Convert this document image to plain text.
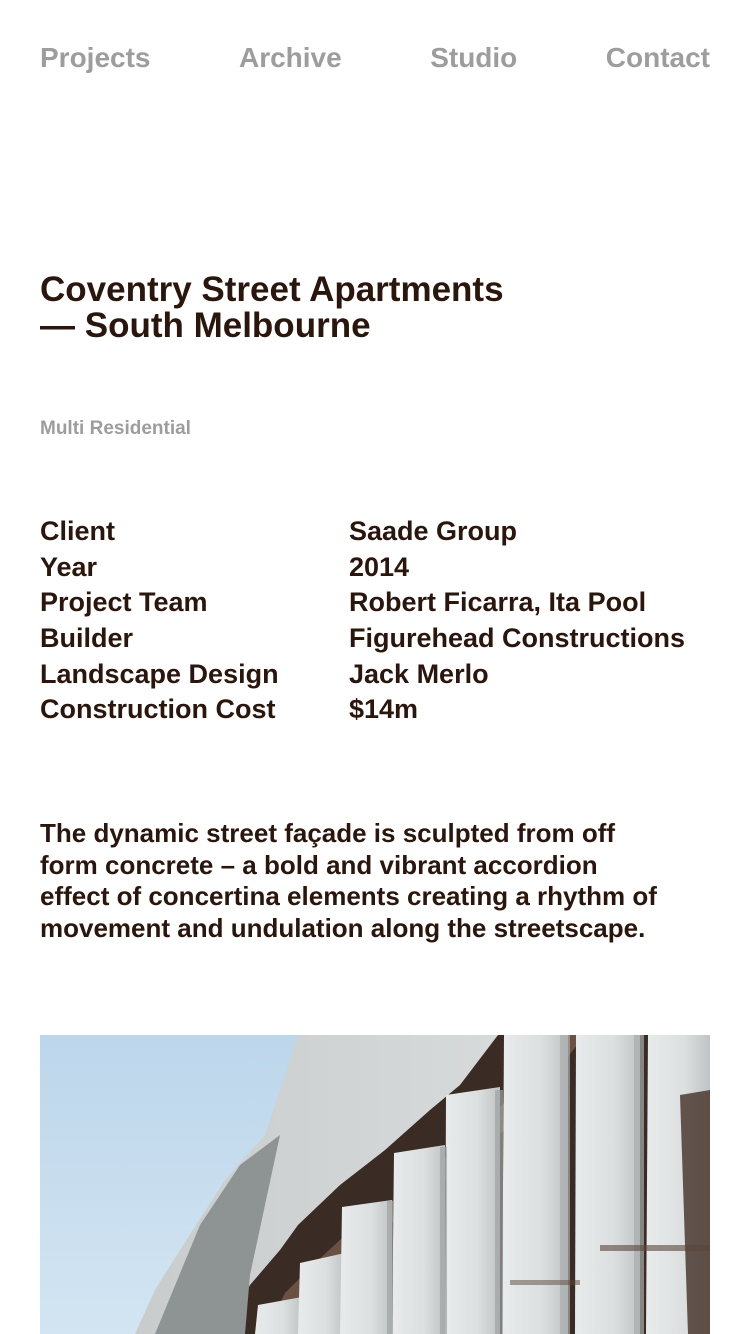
Projects	Archive	Studio	Contact
Coventry Street Apartments
— South Melbourne
Multi Residential
Client	Saade Group
Year	2014
Project Team	Robert Ficarra, Ita Pool
Builder	Figurehead Constructions
Landscape Design	Jack Merlo
Construction Cost	$14m

The dynamic street façade is sculpted from off
form concrete – a bold and vibrant accordion
effect of concertina elements creating a rhythm of
movement and undulation along the streetscape.
